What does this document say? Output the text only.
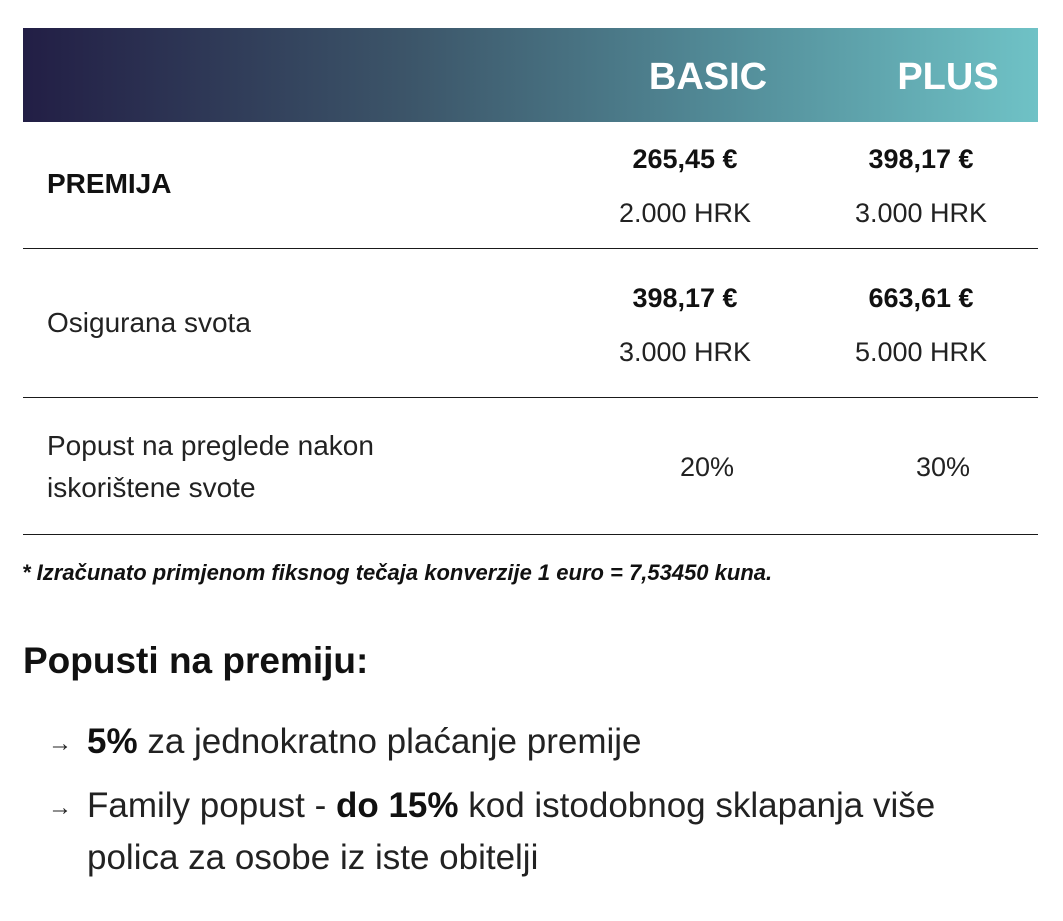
BASIC	PLUS
PREMIJA
265,45 €
2.000 HRK
398,17 €
3.000 HRK
Osigurana svota
398,17 €
3.000 HRK
663,61 €
5.000 HRK
Popust na preglede nakon
iskorištene svote
20%	30%
* Izračunato primjenom fiksnog tečaja konverzije 1 euro = 7,53450 kuna.
Popusti na premiju:
→ 5% za jednokratno plaćanje premije
→ Family popust - do 15% kod istodobnog sklapanja više
polica za osobe iz iste obitelji
